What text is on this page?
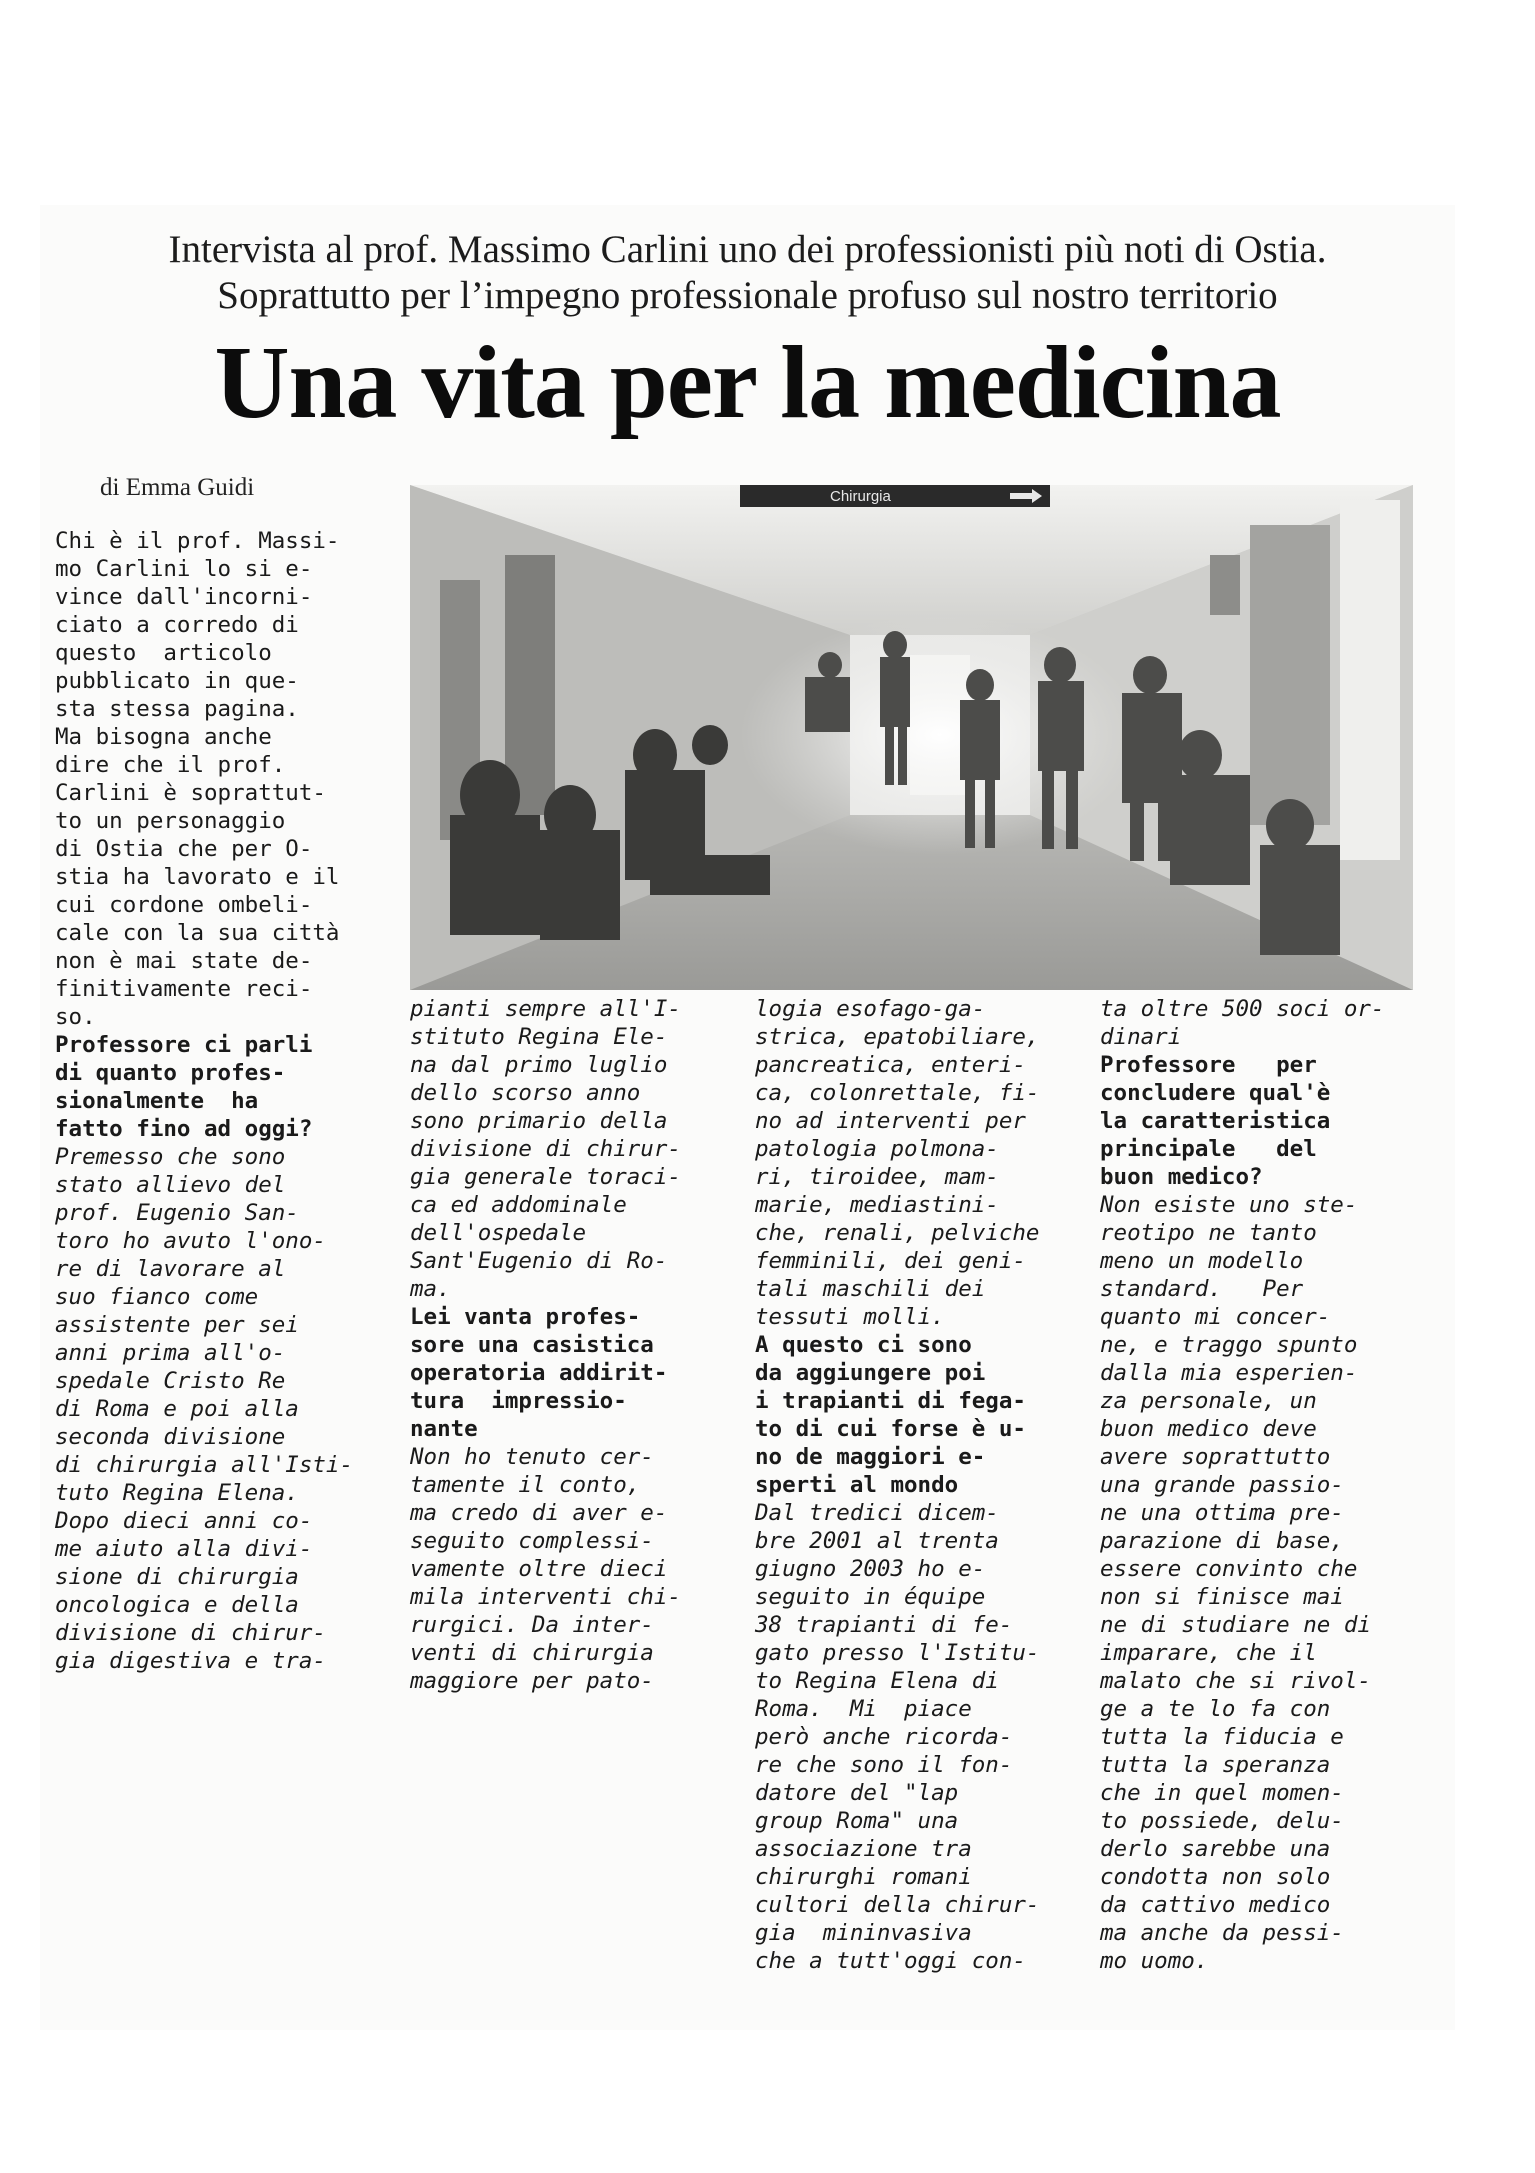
Intervista al prof. Massimo Carlini uno dei professionisti più noti di Ostia.
Soprattutto per l’impegno professionale profuso sul nostro territorio
Una vita per la medicina
di Emma Guidi	Chirurgia
Chi è il prof. Massi-
mo Carlini lo si e-
vince dall'incorni-
ciato a corredo di
questo  articolo
pubblicato in que-
sta stessa pagina.
Ma bisogna anche
dire che il prof.
Carlini è soprattut-
to un personaggio
di Ostia che per O-
stia ha lavorato e il
cui cordone ombeli-
cale con la sua città
non è mai state de-
finitivamente reci-
so.
Professore ci parli
di quanto profes-
sionalmente  ha
fatto fino ad oggi?
Premesso che sono
stato allievo del
prof. Eugenio San-
toro ho avuto l'ono-
re di lavorare al
suo fianco come
assistente per sei
anni prima all'o-
spedale Cristo Re
di Roma e poi alla
seconda divisione
di chirurgia all'Isti-
tuto Regina Elena.
Dopo dieci anni co-
me aiuto alla divi-
sione di chirurgia
oncologica e della
divisione di chirur-
gia digestiva e tra-
pianti sempre all'I-
stituto Regina Ele-
na dal primo luglio
dello scorso anno
sono primario della
divisione di chirur-
gia generale toraci-
ca ed addominale
dell'ospedale
Sant'Eugenio di Ro-
ma.
Lei vanta profes-
sore una casistica
operatoria addirit-
tura  impressio-
nante
Non ho tenuto cer-
tamente il conto,
ma credo di aver e-
seguito complessi-
vamente oltre dieci
mila interventi chi-
rurgici. Da inter-
venti di chirurgia
maggiore per pato-
logia esofago-ga-
strica, epatobiliare,
pancreatica, enteri-
ca, colonrettale, fi-
no ad interventi per
patologia polmona-
ri, tiroidee, mam-
marie, mediastini-
che, renali, pelviche
femminili, dei geni-
tali maschili dei
tessuti molli.
A questo ci sono
da aggiungere poi
i trapianti di fega-
to di cui forse è u-
no de maggiori e-
sperti al mondo
Dal tredici dicem-
bre 2001 al trenta
giugno 2003 ho e-
seguito in équipe
38 trapianti di fe-
gato presso l'Istitu-
to Regina Elena di
Roma.  Mi  piace
però anche ricorda-
re che sono il fon-
datore del "lap
group Roma" una
associazione tra
chirurghi romani
cultori della chirur-
gia  mininvasiva
che a tutt'oggi con-
ta oltre 500 soci or-
dinari
Professore   per
concludere qual'è
la caratteristica
principale   del
buon medico?
Non esiste uno ste-
reotipo ne tanto
meno un modello
standard.   Per
quanto mi concer-
ne, e traggo spunto
dalla mia esperien-
za personale, un
buon medico deve
avere soprattutto
una grande passio-
ne una ottima pre-
parazione di base,
essere convinto che
non si finisce mai
ne di studiare ne di
imparare, che il
malato che si rivol-
ge a te lo fa con
tutta la fiducia e
tutta la speranza
che in quel momen-
to possiede, delu-
derlo sarebbe una
condotta non solo
da cattivo medico
ma anche da pessi-
mo uomo.
